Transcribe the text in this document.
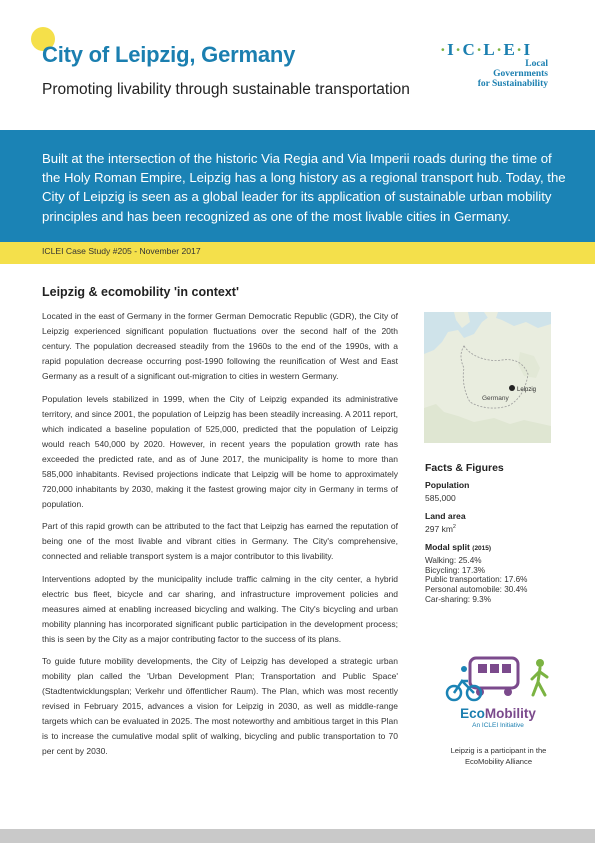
City of Leipzig, Germany

Promoting livability through sustainable transportation

·I·C·L·E·I
Local
Governments
for Sustainability

Built at the intersection of the historic Via Regia and Via Imperii roads during the time of the Holy Roman Empire, Leipzig has a long history as a regional transport hub. Today, the City of Leipzig is seen as a global leader for its application of sustainable urban mobility principles and has been recognized as one of the most livable cities in Germany.

ICLEI Case Study #205 - November 2017
Leipzig & ecomobility 'in context'

Located in the east of Germany in the former German Democratic Republic (GDR), the City of Leipzig experienced significant population fluctuations over the second half of the 20th century. The population decreased steadily from the 1960s to the end of the 1990s, with a rapid population decrease occurring post-1990 following the reunification of West and East Germany as a result of a significant out-migration to cities in western Germany.

Population levels stabilized in 1999, when the City of Leipzig expanded its administrative territory, and since 2001, the population of Leipzig has been steadily increasing. A 2011 report, which indicated a baseline population of 525,000, predicted that the population of Leipzig would reach 540,000 by 2020. However, in recent years the population growth rate has exceeded the predicted rate, and as of June 2017, the municipality is home to more than 585,000 inhabitants. Revised projections indicate that Leipzig will be home to approximately 720,000 inhabitants by 2030, making it the fastest growing major city in Germany in terms of population.

Part of this rapid growth can be attributed to the fact that Leipzig has earned the reputation of being one of the most livable and vibrant cities in Germany. The City's comprehensive, connected and reliable transport system is a major contributor to this livability.

Interventions adopted by the municipality include traffic calming in the city center, a hybrid electric bus fleet, bicycle and car sharing, and infrastructure improvement policies and measures aimed at enabling increased bicycling and walking. The City's bicycling and urban mobility planning has incorporated significant public participation in the development process; this is seen by the City as a major contributing factor to the success of its plans.

To guide future mobility developments, the City of Leipzig has developed a strategic urban mobility plan called the 'Urban Development Plan; Transportation and Public Space' (Stadtentwicklungsplan; Verkehr und öffentlicher Raum). The Plan, which was most recently revised in February 2015, advances a vision for Leipzig in 2030, as well as middle-range targets which can be evaluated in 2025. The most noteworthy and ambitious target in this Plan is to increase the cumulative modal split of walking, bicycling and public transportation to 70 per cent by 2030.

Leipzig
Germany
Facts & Figures
Population
585,000
Land area
297 $km^2$
Modal split (2015)
Walking: 25.4%
Bicycling: 17.3%
Public transportation: 17.6%
Personal automobile: 30.4%
Car-sharing: 9.3%
EcoMobility
An ICLEI Initiative
Leipzig is a participant in the EcoMobility Alliance
